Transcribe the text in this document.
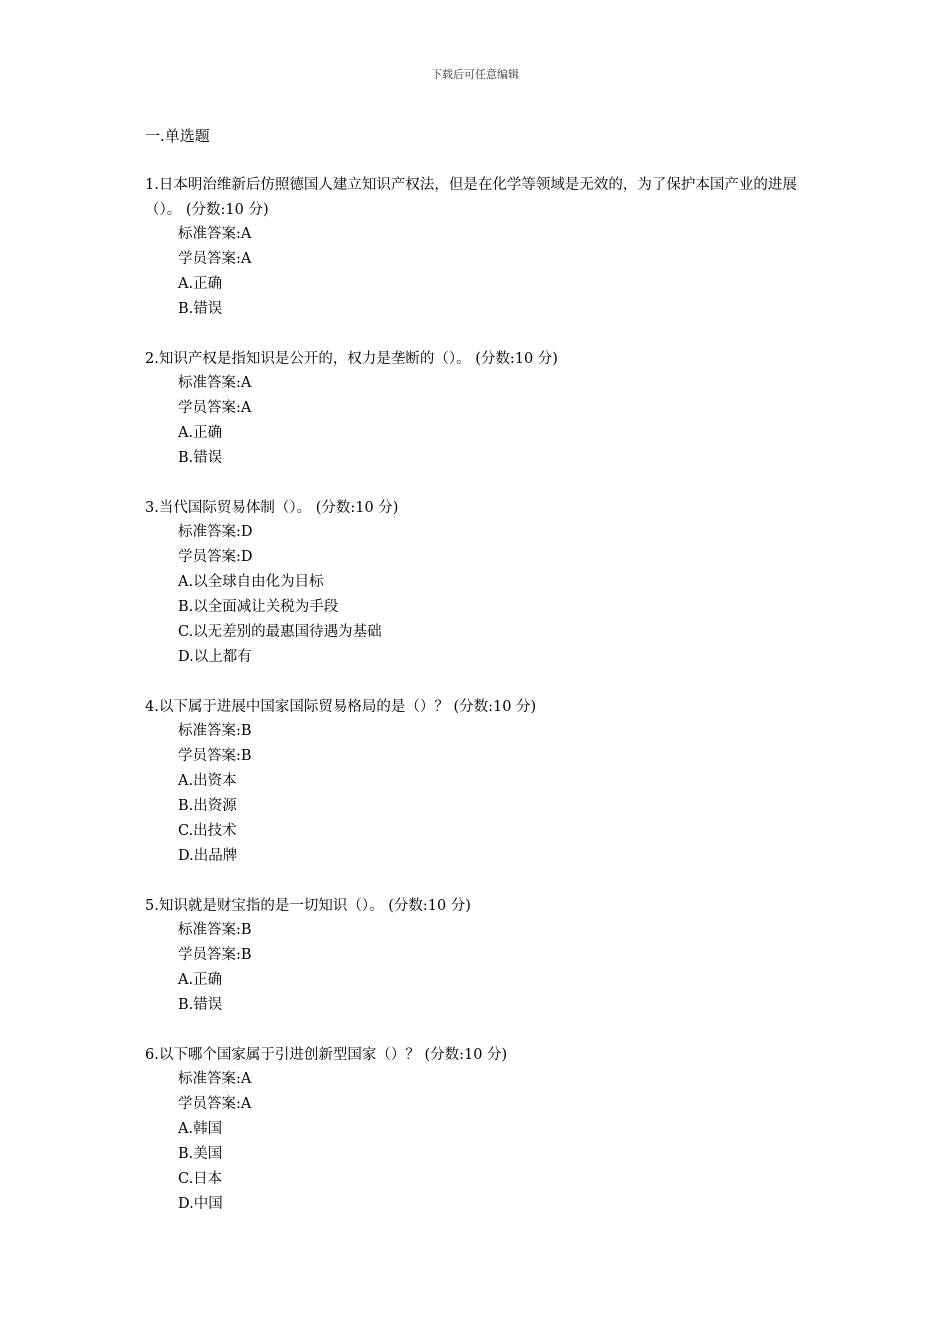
下载后可任意编辑
一.单选题
1.日本明治维新后仿照德国人建立知识产权法，但是在化学等领域是无效的，为了保护本国产业的进展（）。 (分数:10 分)
标准答案:A
学员答案:A
A.正确
B.错误
2.知识产权是指知识是公开的，权力是垄断的（）。 (分数:10 分)
标准答案:A
学员答案:A
A.正确
B.错误
3.当代国际贸易体制（）。 (分数:10 分)
标准答案:D
学员答案:D
A.以全球自由化为目标
B.以全面减让关税为手段
C.以无差别的最惠国待遇为基础
D.以上都有
4.以下属于进展中国家国际贸易格局的是（）？ (分数:10 分)
标准答案:B
学员答案:B
A.出资本
B.出资源
C.出技术
D.出品牌
5.知识就是财宝指的是一切知识（）。 (分数:10 分)
标准答案:B
学员答案:B
A.正确
B.错误
6.以下哪个国家属于引进创新型国家（）？ (分数:10 分)
标准答案:A
学员答案:A
A.韩国
B.美国
C.日本
D.中国
